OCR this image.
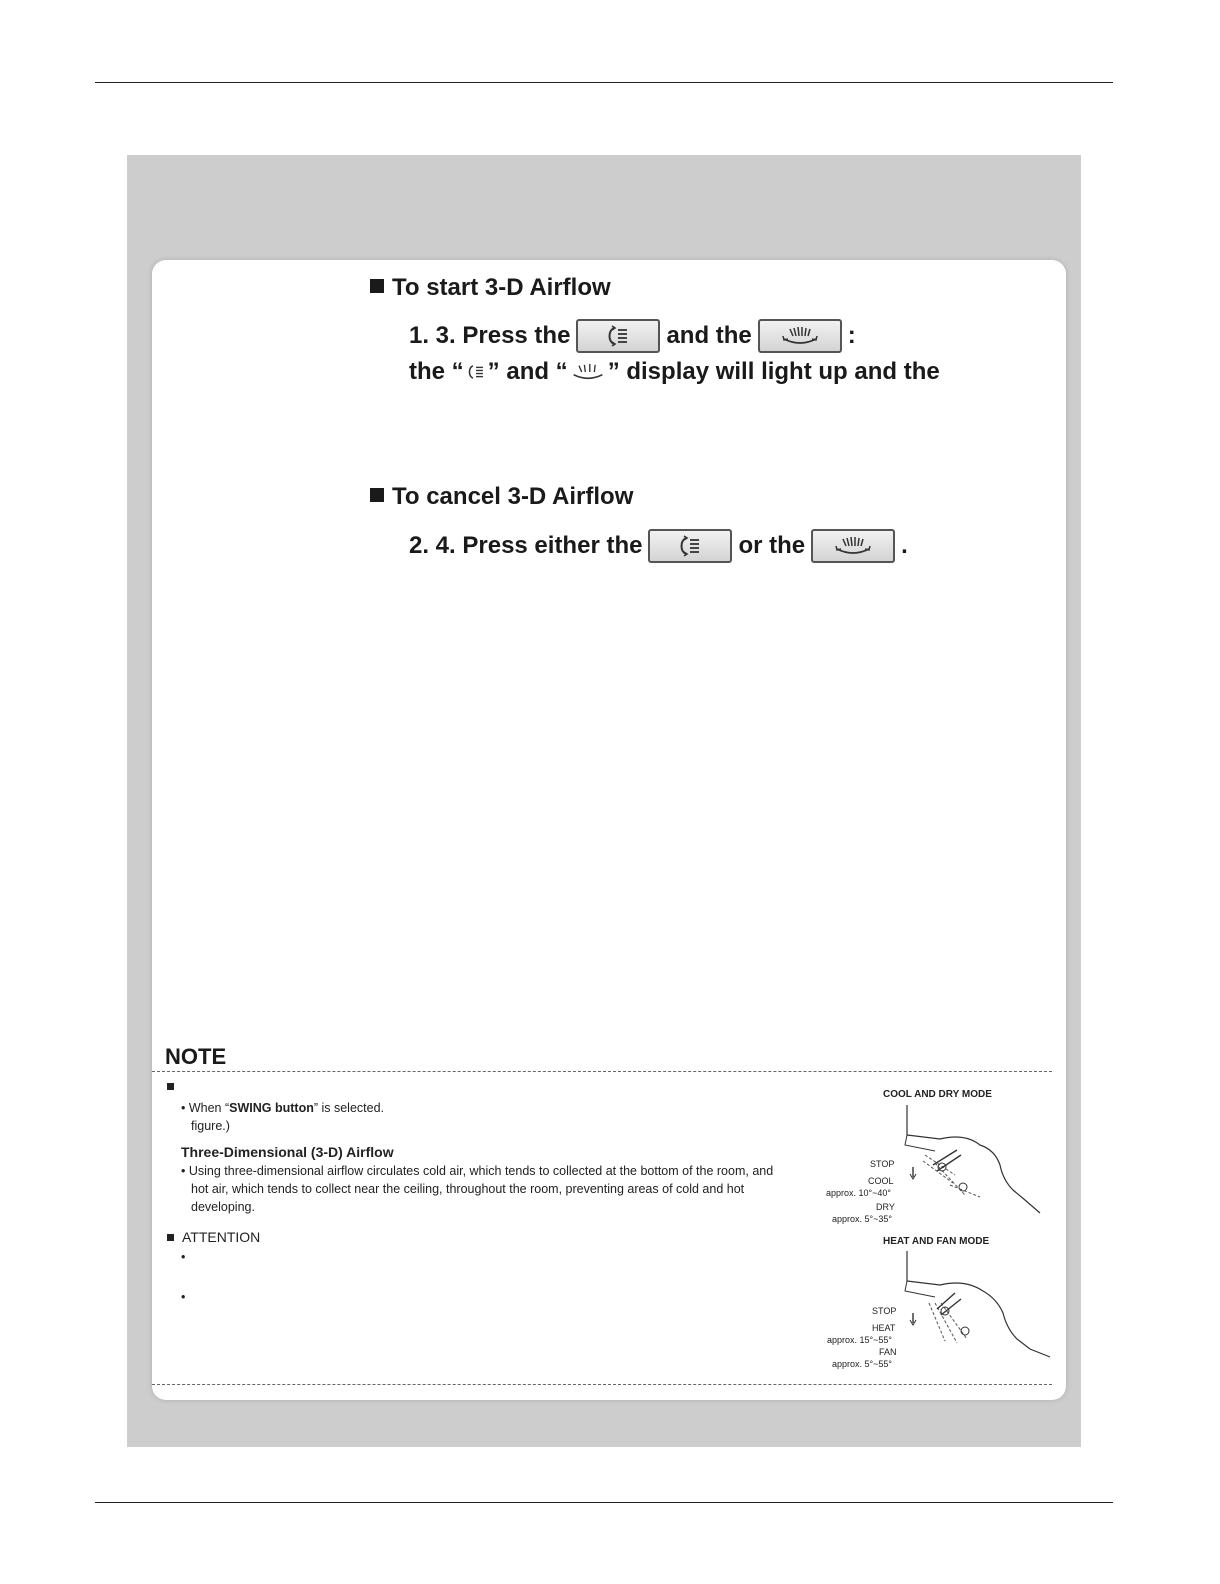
To start 3-D Airflow
1. 3. Press the	and the	:
the “ ” and “ ” display will light up and the
To cancel 3-D Airflow
2. 4. Press either the	or the	.
NOTE
• When “SWING button” is selected.
figure.)
Three-Dimensional (3-D) Airflow
• Using three-dimensional airflow circulates cold air, which tends to collected at the bottom of the room, and
hot air, which tends to collect near the ceiling, throughout the room, preventing areas of cold and hot
developing.
ATTENTION
•
•
COOL AND DRY MODE
STOP
COOL
approx. 10°~40°
DRY
approx. 5°~35°
HEAT AND FAN MODE
STOP
HEAT
approx. 15°~55°
FAN
approx. 5°~55°
